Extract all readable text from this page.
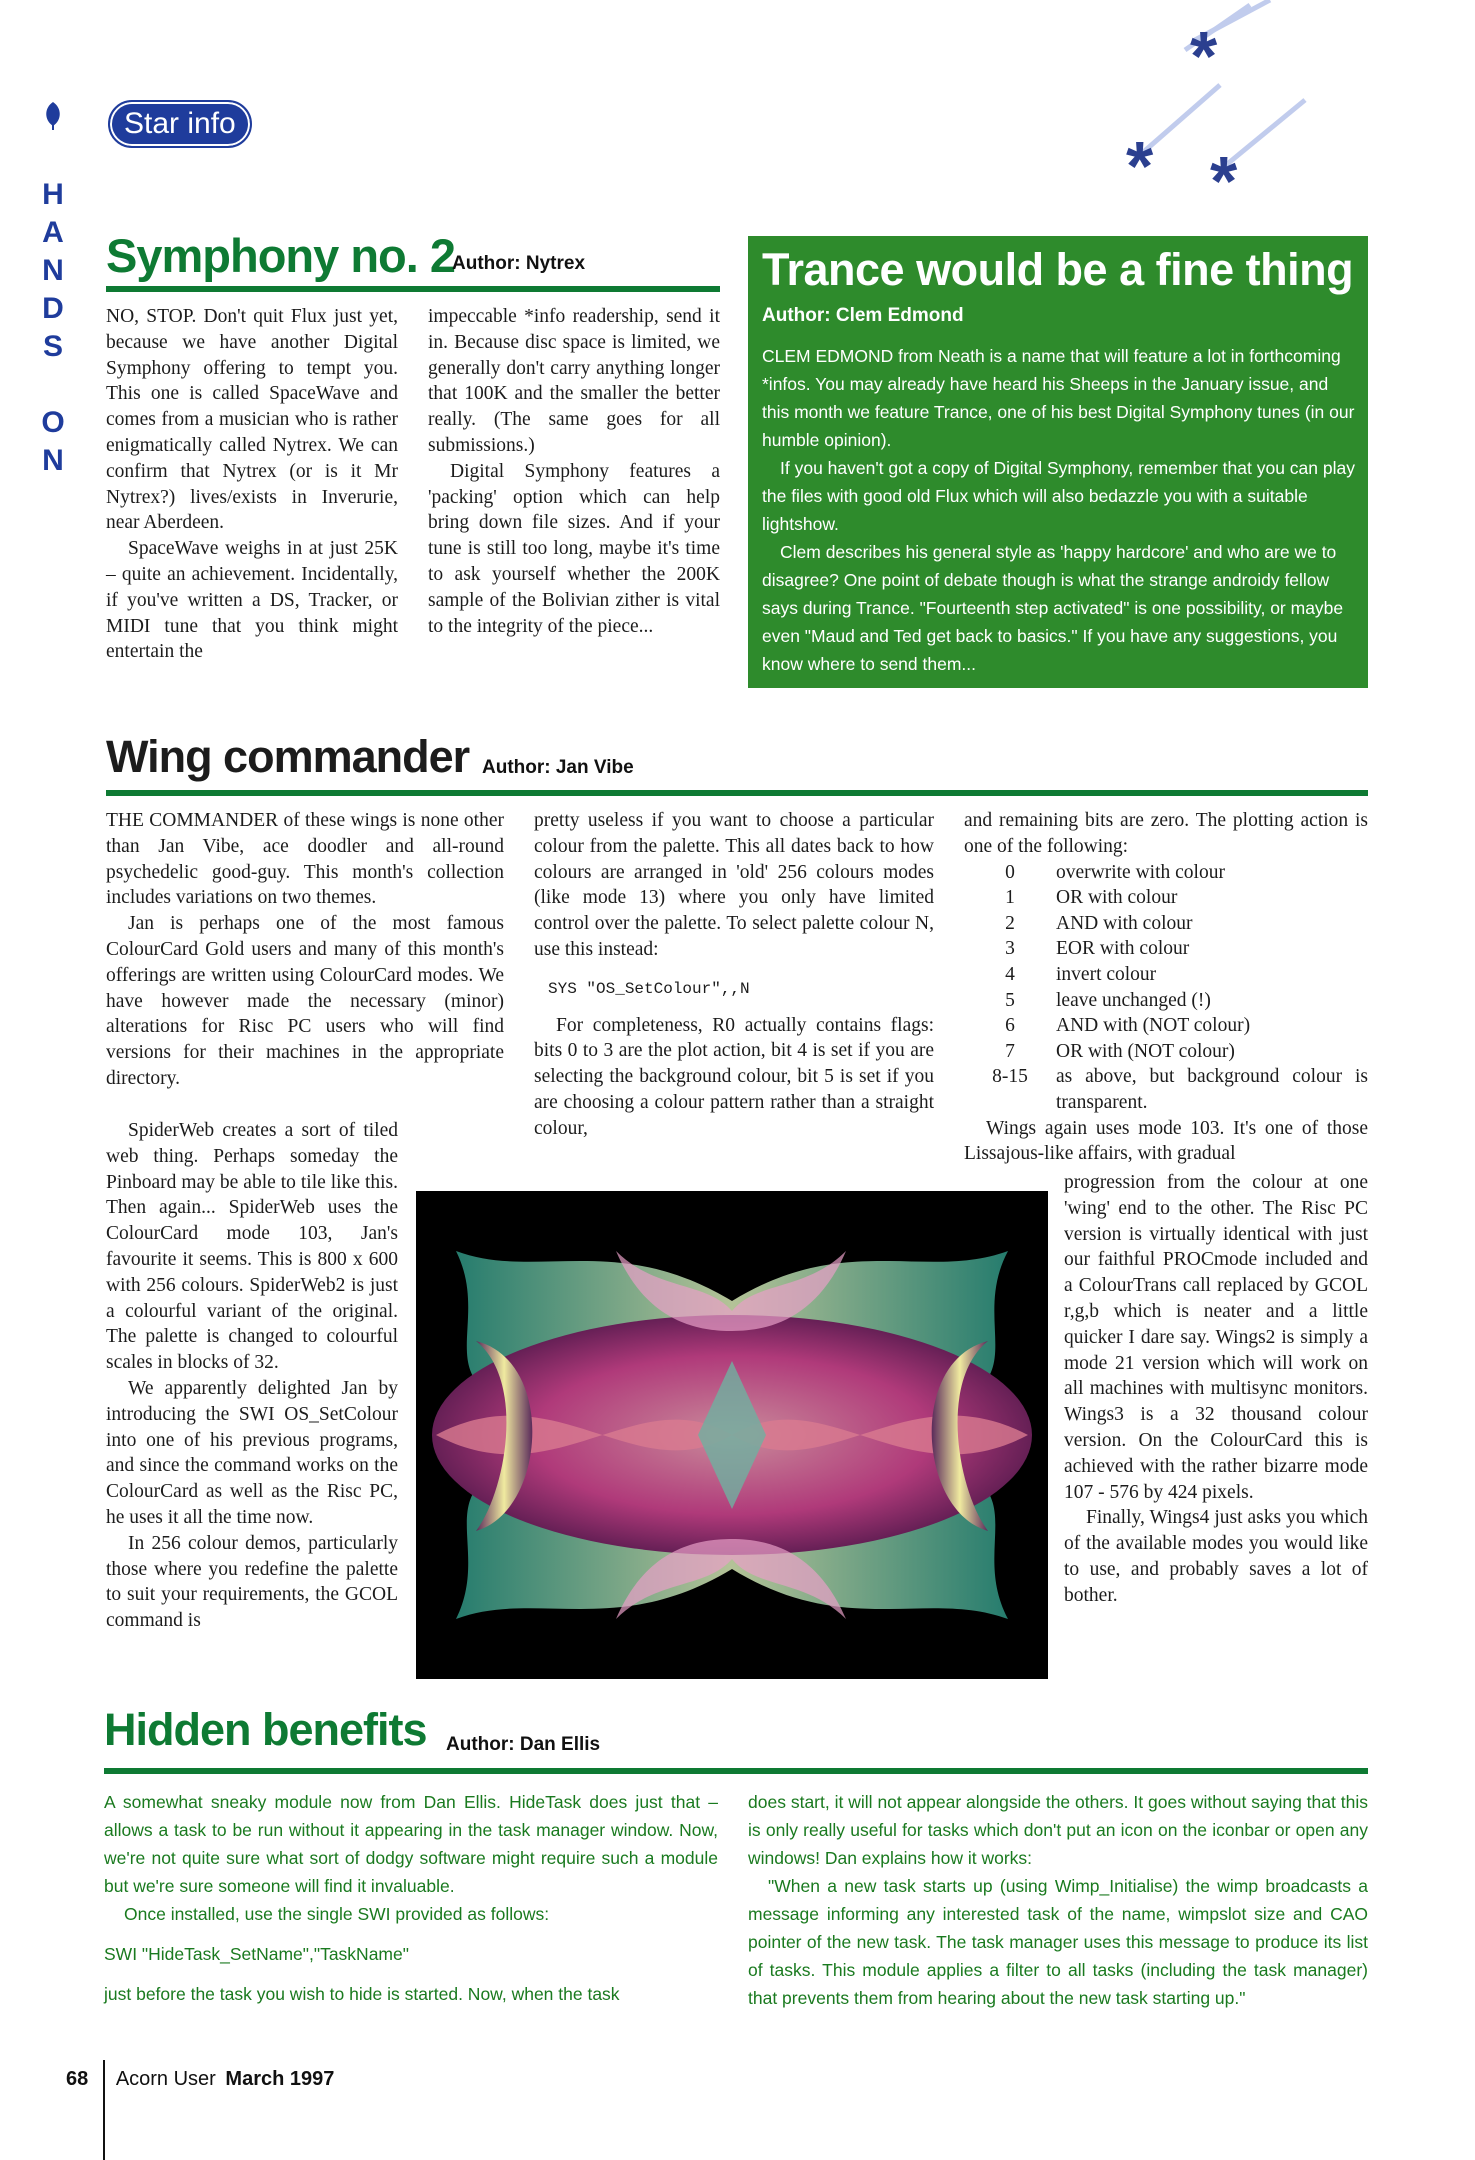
H
A
N
D
S

O
N
Star info
*
* *
Symphony no. 2
Author: Nytrex

NO, STOP. Don't quit Flux just yet, because we have another Digital Symphony offering to tempt you. This one is called SpaceWave and comes from a musician who is rather enigmatically called Nytrex. We can confirm that Nytrex (or is it Mr Nytrex?) lives/exists in Inverurie, near Aberdeen.

SpaceWave weighs in at just 25K – quite an achievement. Incidentally, if you've written a DS, Tracker, or MIDI tune that you think might entertain the

impeccable *info readership, send it in. Because disc space is limited, we generally don't carry anything longer that 100K and the smaller the better really. (The same goes for all submissions.)

Digital Symphony features a 'packing' option which can help bring down file sizes. And if your tune is still too long, maybe it's time to ask yourself whether the 200K sample of the Bolivian zither is vital to the integrity of the piece...

Trance would be a fine thing
Author: Clem Edmond

CLEM EDMOND from Neath is a name that will feature a lot in forthcoming *infos. You may already have heard his Sheeps in the January issue, and this month we feature Trance, one of his best Digital Symphony tunes (in our humble opinion).

If you haven't got a copy of Digital Symphony, remember that you can play the files with good old Flux which will also bedazzle you with a suitable lightshow.

Clem describes his general style as 'happy hardcore' and who are we to disagree? One point of debate though is what the strange androidy fellow says during Trance. "Fourteenth step activated" is one possibility, or maybe even "Maud and Ted get back to basics." If you have any suggestions, you know where to send them...

Wing commander Author: Jan Vibe

THE COMMANDER of these wings is none other than Jan Vibe, ace doodler and all-round psychedelic good-guy. This month's collection includes variations on two themes.

Jan is perhaps one of the most famous ColourCard Gold users and many of this month's offerings are written using ColourCard modes. We have however made the necessary (minor) alterations for Risc PC users who will find versions for their machines in the appropriate directory.

SpiderWeb creates a sort of tiled web thing. Perhaps someday the Pinboard may be able to tile like this. Then again... SpiderWeb uses the ColourCard mode 103, Jan's favourite it seems. This is 800 x 600 with 256 colours. SpiderWeb2 is just a colourful variant of the original. The palette is changed to colourful scales in blocks of 32.

We apparently delighted Jan by introducing the SWI OS_SetColour into one of his previous programs, and since the command works on the ColourCard as well as the Risc PC, he uses it all the time now.

In 256 colour demos, particularly those where you redefine the palette to suit your requirements, the GCOL command is

pretty useless if you want to choose a particular colour from the palette. This all dates back to how colours are arranged in 'old' 256 colours modes (like mode 13) where you only have limited control over the palette. To select palette colour N, use this instead:

SYS "OS_SetColour",,N

For completeness, R0 actually contains flags: bits 0 to 3 are the plot action, bit 4 is set if you are selecting the background colour, bit 5 is set if you are choosing a colour pattern rather than a straight colour,

and remaining bits are zero. The plotting action is one of the following:

0	overwrite with colour
1	OR with colour
2	AND with colour
3	EOR with colour
4	invert colour
5	leave unchanged (!)
6	AND with (NOT colour)
7	OR with (NOT colour)
8-15	as above, but background colour is transparent.

Wings again uses mode 103. It's one of those Lissajous-like affairs, with gradual

progression from the colour at one 'wing' end to the other. The Risc PC version is virtually identical with just our faithful PROCmode included and a ColourTrans call replaced by GCOL r,g,b which is neater and a little quicker I dare say. Wings2 is simply a mode 21 version which will work on all machines with multisync monitors. Wings3 is a 32 thousand colour version. On the ColourCard this is achieved with the rather bizarre mode 107 - 576 by 424 pixels.

Finally, Wings4 just asks you which of the available modes you would like to use, and probably saves a lot of bother.

Hidden benefits Author: Dan Ellis

A somewhat sneaky module now from Dan Ellis. HideTask does just that – allows a task to be run without it appearing in the task manager window. Now, we're not quite sure what sort of dodgy software might require such a module but we're sure someone will find it invaluable.

Once installed, use the single SWI provided as follows:

SWI "HideTask_SetName","TaskName"

just before the task you wish to hide is started. Now, when the task

does start, it will not appear alongside the others. It goes without saying that this is only really useful for tasks which don't put an icon on the iconbar or open any windows! Dan explains how it works:

"When a new task starts up (using Wimp_Initialise) the wimp broadcasts a message informing any interested task of the name, wimpslot size and CAO pointer of the new task. The task manager uses this message to produce its list of tasks. This module applies a filter to all tasks (including the task manager) that prevents them from hearing about the new task starting up."

68 Acorn User March 1997
